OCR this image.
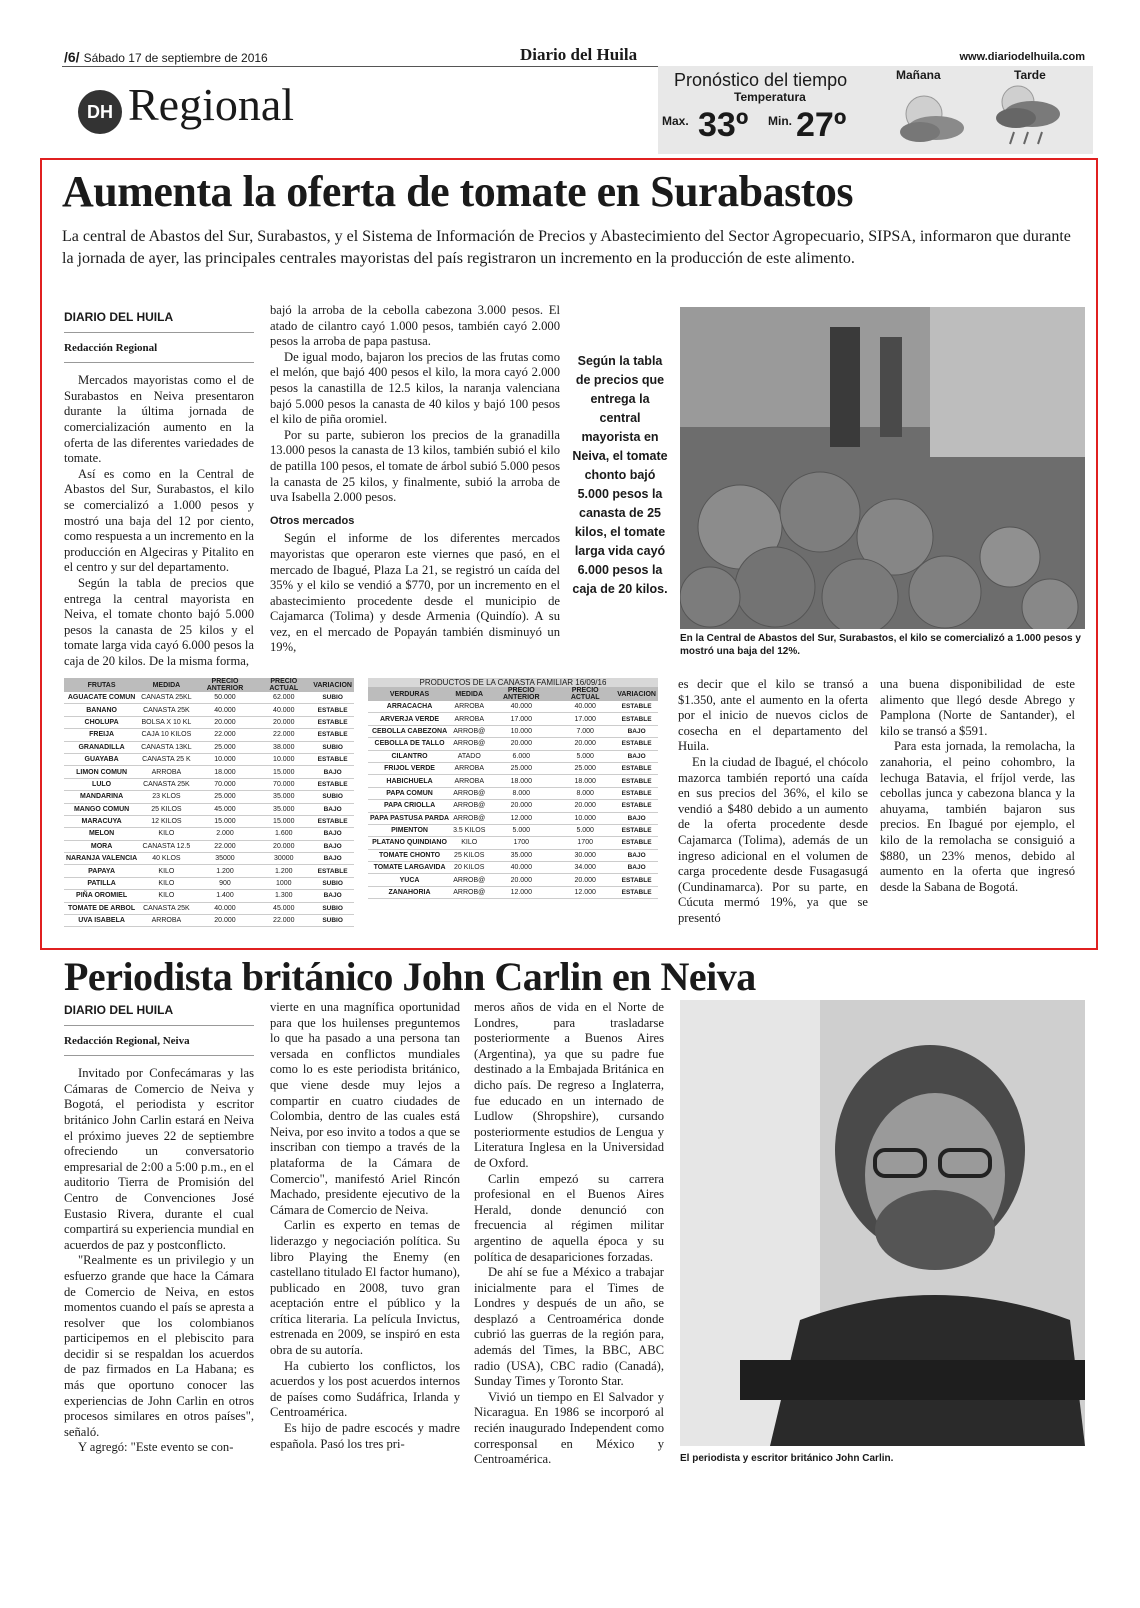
/6/ Sábado 17 de septiembre de 2016	Diario del Huila	www.diariodelhuila.com
DH Regional	Pronóstico del tiempo
Temperatura
Max. 33º Min. 27º
Mañana	Tarde
Aumenta la oferta de tomate en Surabastos
La central de Abastos del Sur, Surabastos, y el Sistema de Información de Precios y Abastecimiento del Sector Agropecuario, SIPSA, informaron que durante la jornada de ayer, las principales centrales mayoristas del país registraron un incremento en la producción de este alimento.
DIARIO DEL HUILA
Redacción Regional

Mercados mayoristas como el de Surabastos en Neiva presentaron durante la última jornada de comercialización aumento en la oferta de las diferentes variedades de tomate.

Así es como en la Central de Abastos del Sur, Surabastos, el kilo se comercializó a 1.000 pesos y mostró una baja del 12 por ciento, como respuesta a un incremento en la producción en Algeciras y Pitalito en el centro y sur del departamento.

Según la tabla de precios que entrega la central mayorista en Neiva, el tomate chonto bajó 5.000 pesos la canasta de 25 kilos y el tomate larga vida cayó 6.000 pesos la caja de 20 kilos. De la misma forma,

bajó la arroba de la cebolla cabezona 3.000 pesos. El atado de cilantro cayó 1.000 pesos, también cayó 2.000 pesos la arroba de papa pastusa.

De igual modo, bajaron los precios de las frutas como el melón, que bajó 400 pesos el kilo, la mora cayó 2.000 pesos la canastilla de 12.5 kilos, la naranja valenciana bajó 5.000 pesos la canasta de 40 kilos y bajó 100 pesos el kilo de piña oromiel.

Por su parte, subieron los precios de la granadilla 13.000 pesos la canasta de 13 kilos, también subió el kilo de patilla 100 pesos, el tomate de árbol subió 5.000 pesos la canasta de 25 kilos, y finalmente, subió la arroba de uva Isabella 2.000 pesos.

Otros mercados

Según el informe de los diferentes mercados mayoristas que operaron este viernes que pasó, en el mercado de Ibagué, Plaza La 21, se registró un caída del 35% y el kilo se vendió a $770, por un incremento en el abastecimiento procedente desde el municipio de Cajamarca (Tolima) y desde Armenia (Quindío). A su vez, en el mercado de Popayán también disminuyó un 19%,

Según la tabla de precios que entrega la central mayorista en Neiva, el tomate chonto bajó 5.000 pesos la canasta de 25 kilos, el tomate larga vida cayó 6.000 pesos la caja de 20 kilos.
En la Central de Abastos del Sur, Surabastos, el kilo se comercializó a 1.000 pesos y mostró una baja del 12%.
FRUTAS	MEDIDA	PRECIO ANTERIOR	PRECIO ACTUAL	VARIACION
AGUACATE COMUN	CANASTA 25KL	50.000	62.000	SUBIO
BANANO	CANASTA 25K	40.000	40.000	ESTABLE
CHOLUPA	BOLSA X 10 KL	20.000	20.000	ESTABLE
FREIJA	CAJA 10 KILOS	22.000	22.000	ESTABLE
GRANADILLA	CANASTA 13KL	25.000	38.000	SUBIO
GUAYABA	CANASTA 25 K	10.000	10.000	ESTABLE
LIMON COMUN	ARROBA	18.000	15.000	BAJO
LULO	CANASTA 25K	70.000	70.000	ESTABLE
MANDARINA	23 KLOS	25.000	35.000	SUBIO
MANGO COMUN	25 KILOS	45.000	35.000	BAJO
MARACUYA	12 KILOS	15.000	15.000	ESTABLE
MELON	KILO	2.000	1.600	BAJO
MORA	CANASTA 12.5	22.000	20.000	BAJO
NARANJA VALENCIA	40 KLOS	35000	30000	BAJO
PAPAYA	KILO	1.200	1.200	ESTABLE
PATILLA	KILO	900	1000	SUBIO
PIÑA OROMIEL	KILO	1.400	1.300	BAJO
TOMATE DE ARBOL	CANASTA 25K	40.000	45.000	SUBIO
UVA ISABELA	ARROBA	20.000	22.000	SUBIO
PRODUCTOS DE LA CANASTA FAMILIAR 16/09/16
VERDURAS	MEDIDA	PRECIO ANTERIOR	PRECIO ACTUAL	VARIACION
ARRACACHA	ARROBA	40.000	40.000	ESTABLE
ARVERJA VERDE	ARROBA	17.000	17.000	ESTABLE
CEBOLLA CABEZONA	ARROB@	10.000	7.000	BAJO
CEBOLLA DE TALLO	ARROB@	20.000	20.000	ESTABLE
CILANTRO	ATADO	6.000	5.000	BAJO
FRIJOL VERDE	ARROBA	25.000	25.000	ESTABLE
HABICHUELA	ARROBA	18.000	18.000	ESTABLE
PAPA COMUN	ARROB@	8.000	8.000	ESTABLE
PAPA CRIOLLA	ARROB@	20.000	20.000	ESTABLE
PAPA PASTUSA PARDA	ARROB@	12.000	10.000	BAJO
PIMENTON	3.5 KILOS	5.000	5.000	ESTABLE
PLATANO QUINDIANO	KILO	1700	1700	ESTABLE
TOMATE CHONTO	25 KILOS	35.000	30.000	BAJO
TOMATE LARGAVIDA	20 KILOS	40.000	34.000	BAJO
YUCA	ARROB@	20.000	20.000	ESTABLE
ZANAHORIA	ARROB@	12.000	12.000	ESTABLE

es decir que el kilo se transó a $1.350, ante el aumento en la oferta por el inicio de nuevos ciclos de cosecha en el departamento del Huila.

En la ciudad de Ibagué, el chócolo mazorca también reportó una caída en sus precios del 36%, el kilo se vendió a $480 debido a un aumento de la oferta procedente desde Cajamarca (Tolima), además de un ingreso adicional en el volumen de carga procedente desde Fusagasugá (Cundinamarca). Por su parte, en Cúcuta mermó 19%, ya que se presentó

una buena disponibilidad de este alimento que llegó desde Abrego y Pamplona (Norte de Santander), el kilo se transó a $591.

Para esta jornada, la remolacha, la zanahoria, el peino cohombro, la lechuga Batavia, el fríjol verde, las cebollas junca y cabezona blanca y la ahuyama, también bajaron sus precios. En Ibagué por ejemplo, el kilo de la remolacha se consiguió a $880, un 23% menos, debido al aumento en la oferta que ingresó desde la Sabana de Bogotá.

Periodista británico John Carlin en Neiva
DIARIO DEL HUILA
Redacción Regional, Neiva

Invitado por Confecámaras y las Cámaras de Comercio de Neiva y Bogotá, el periodista y escritor británico John Carlin estará en Neiva el próximo jueves 22 de septiembre ofreciendo un conversatorio empresarial de 2:00 a 5:00 p.m., en el auditorio Tierra de Promisión del Centro de Convenciones José Eustasio Rivera, durante el cual compartirá su experiencia mundial en acuerdos de paz y postconflicto.

"Realmente es un privilegio y un esfuerzo grande que hace la Cámara de Comercio de Neiva, en estos momentos cuando el país se apresta a resolver que los colombianos participemos en el plebiscito para decidir si se respaldan los acuerdos de paz firmados en La Habana; es más que oportuno conocer las experiencias de John Carlin en otros procesos similares en otros países", señaló.

Y agregó: "Este evento se con-

vierte en una magnífica oportunidad para que los huilenses preguntemos lo que ha pasado a una persona tan versada en conflictos mundiales como lo es este periodista británico, que viene desde muy lejos a compartir en cuatro ciudades de Colombia, dentro de las cuales está Neiva, por eso invito a todos a que se inscriban con tiempo a través de la plataforma de la Cámara de Comercio", manifestó Ariel Rincón Machado, presidente ejecutivo de la Cámara de Comercio de Neiva.

Carlin es experto en temas de liderazgo y negociación política. Su libro Playing the Enemy (en castellano titulado El factor humano), publicado en 2008, tuvo gran aceptación entre el público y la crítica literaria. La película Invictus, estrenada en 2009, se inspiró en esta obra de su autoría.

Ha cubierto los conflictos, los acuerdos y los post acuerdos internos de países como Sudáfrica, Irlanda y Centroamérica.

Es hijo de padre escocés y madre española. Pasó los tres pri-

meros años de vida en el Norte de Londres, para trasladarse posteriormente a Buenos Aires (Argentina), ya que su padre fue destinado a la Embajada Británica en dicho país. De regreso a Inglaterra, fue educado en un internado de Ludlow (Shropshire), cursando posteriormente estudios de Lengua y Literatura Inglesa en la Universidad de Oxford.

Carlin empezó su carrera profesional en el Buenos Aires Herald, donde denunció con frecuencia al régimen militar argentino de aquella época y su política de desapariciones forzadas.

De ahí se fue a México a trabajar inicialmente para el Times de Londres y después de un año, se desplazó a Centroamérica donde cubrió las guerras de la región para, además del Times, la BBC, ABC radio (USA), CBC radio (Canadá), Sunday Times y Toronto Star.

Vivió un tiempo en El Salvador y Nicaragua. En 1986 se incorporó al recién inaugurado Independent como corresponsal en México y Centroamérica.	El periodista y escritor británico John Carlin.
